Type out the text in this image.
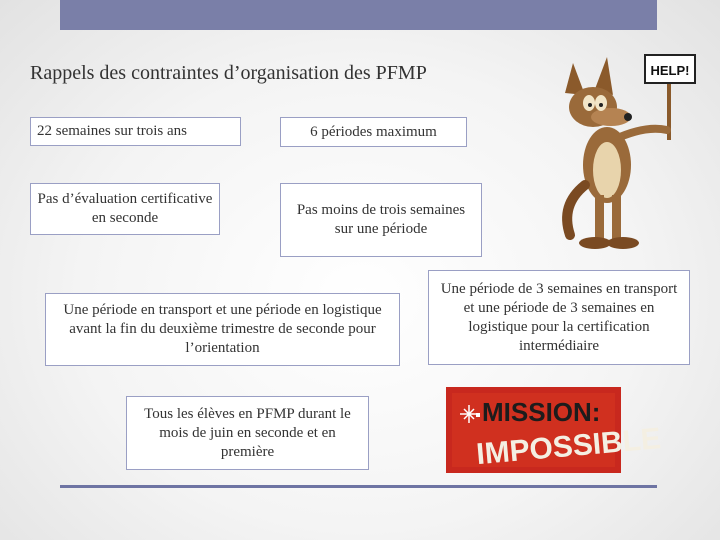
Rappels des contraintes d’organisation des PFMP
22 semaines sur trois ans	6 périodes maximum
Pas d’évaluation certificative en seconde	Pas moins de trois semaines sur une période
Une période en transport et une période en logistique avant la fin du deuxième trimestre de seconde pour l’orientation
Une période de 3 semaines en transport et une période de 3 semaines en logistique pour la certification intermédiaire
Tous les élèves en PFMP durant le mois de juin en seconde et en première
HELP!
MISSION:
IMPOSSIBLE
